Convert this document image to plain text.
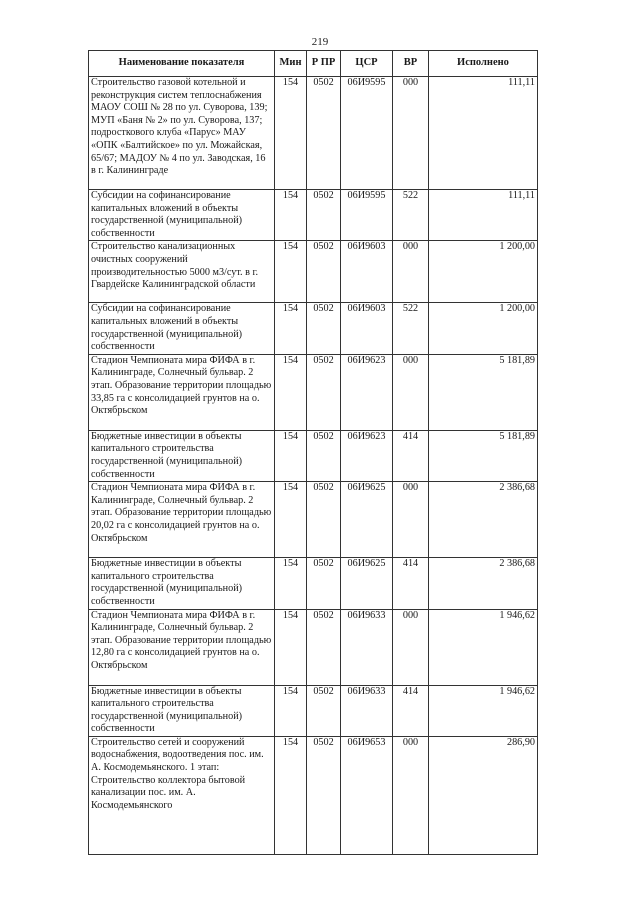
219
Наименование показателя	Мин	Р ПР	ЦСР	ВР	Исполнено
Строительство газовой котельной и реконструкция систем теплоснабжения МАОУ СОШ № 28 по ул. Суворова, 139; МУП «Баня № 2» по ул. Суворова, 137; подросткового клуба «Парус» МАУ «ОПК «Балтийское» по ул. Можайская, 65/67; МАДОУ № 4 по ул. Заводская, 16 в г. Калининграде	154	0502	06И9595	000	111,11
Субсидии на софинансирование капитальных вложений в объекты государственной (муниципальной) собственности	154	0502	06И9595	522	111,11
Строительство канализационных очистных сооружений производительностью 5000 м3/сут. в г. Гвардейске Калининградской области	154	0502	06И9603	000	1 200,00
Субсидии на софинансирование капитальных вложений в объекты государственной (муниципальной) собственности	154	0502	06И9603	522	1 200,00
Стадион Чемпионата мира ФИФА в г. Калининграде, Солнечный бульвар. 2 этап. Образование территории площадью 33,85 га с консолидацией грунтов на о. Октябрьском	154	0502	06И9623	000	5 181,89
Бюджетные инвестиции в объекты капитального строительства государственной (муниципальной) собственности	154	0502	06И9623	414	5 181,89
Стадион Чемпионата мира ФИФА в г. Калининграде, Солнечный бульвар. 2 этап. Образование территории площадью 20,02 га с консолидацией грунтов на о. Октябрьском	154	0502	06И9625	000	2 386,68
Бюджетные инвестиции в объекты капитального строительства государственной (муниципальной) собственности	154	0502	06И9625	414	2 386,68
Стадион Чемпионата мира ФИФА в г. Калининграде, Солнечный бульвар. 2 этап. Образование территории площадью 12,80 га с консолидацией грунтов на о. Октябрьском	154	0502	06И9633	000	1 946,62
Бюджетные инвестиции в объекты капитального строительства государственной (муниципальной) собственности	154	0502	06И9633	414	1 946,62
Строительство сетей и сооружений водоснабжения, водоотведения пос. им. А. Космодемьянского. 1 этап: Строительство коллектора бытовой канализации пос. им. А. Космодемьянского	154	0502	06И9653	000	286,90
